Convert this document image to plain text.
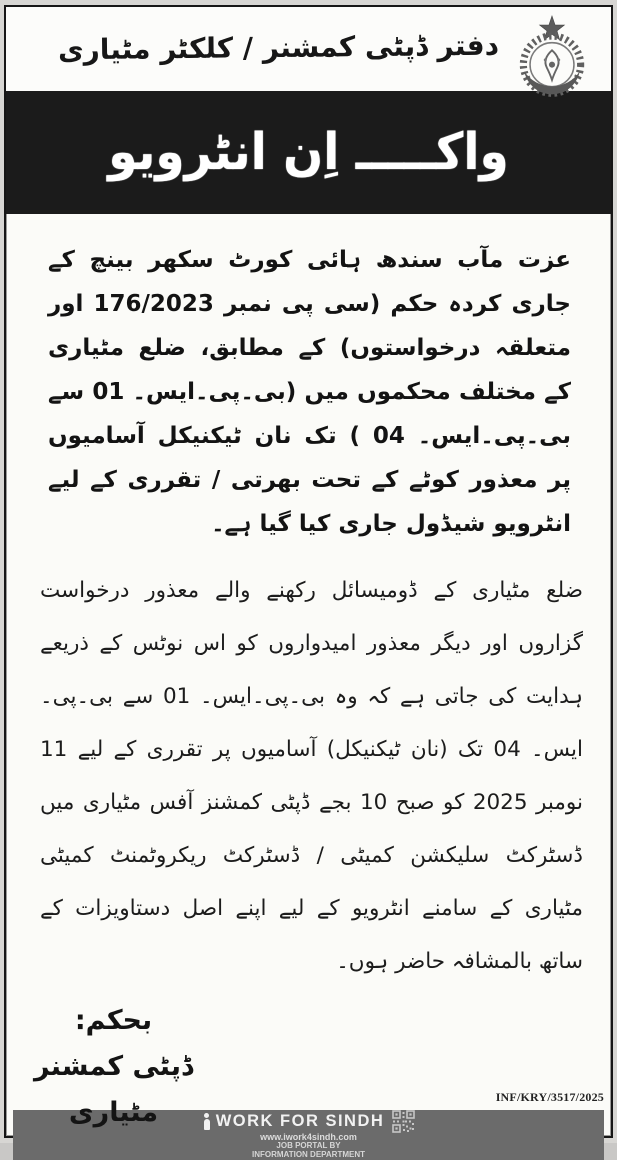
دفتر ڈپٹی کمشنر / کلکٹر مٹیاری
واکـــــ اِن انٹرویو
عزت مآب سندھ ہائی کورٹ سکھر بینچ کے جاری کردہ حکم (سی پی نمبر 176/2023 اور متعلقہ درخواستوں) کے مطابق، ضلع مٹیاری کے مختلف محکموں میں (بی۔پی۔ایس۔ 01 سے بی۔پی۔ایس۔ 04 ) تک نان ٹیکنیکل آسامیوں پر معذور کوٹے کے تحت بھرتی / تقرری کے لیے انٹرویو شیڈول جاری کیا گیا ہے۔
ضلع مٹیاری کے ڈومیسائل رکھنے والے معذور درخواست گزاروں اور دیگر معذور امیدواروں کو اس نوٹس کے ذریعے ہدایت کی جاتی ہے کہ وہ بی۔پی۔ایس۔ 01 سے بی۔پی۔ایس۔ 04 تک (نان ٹیکنیکل) آسامیوں پر تقرری کے لیے 11 نومبر 2025 کو صبح 10 بجے ڈپٹی کمشنز آفس مٹیاری میں ڈسٹرکٹ سلیکشن کمیٹی / ڈسٹرکٹ ریکروٹمنٹ کمیٹی مٹیاری کے سامنے انٹرویو کے لیے اپنے اصل دستاویزات کے ساتھ بالمشافہ حاضر ہوں۔
بحکم:
ڈپٹی کمشنر
مٹیاری	INF/KRY/3517/2025
WORK FOR SINDH
www.iwork4sindh.com
JOB PORTAL BY
INFORMATION DEPARTMENT
